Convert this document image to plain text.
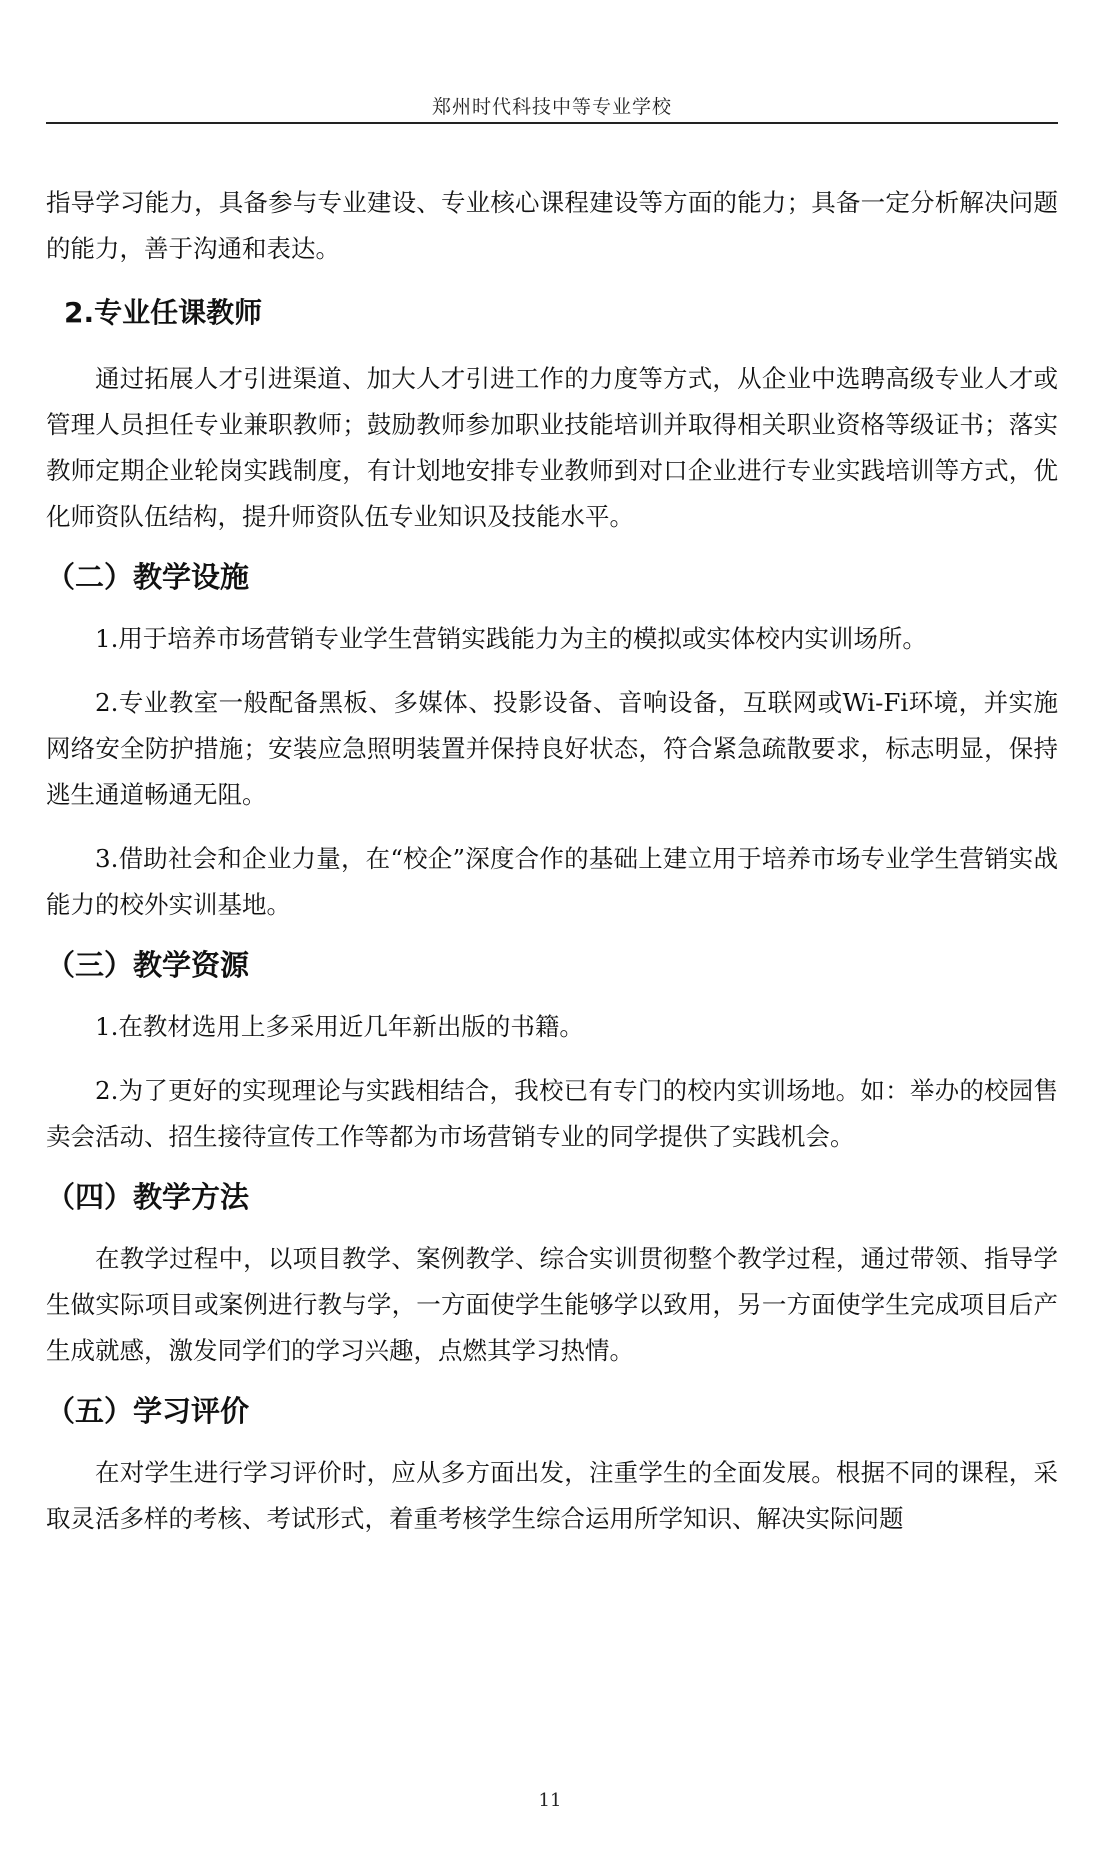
郑州时代科技中等专业学校

指导学习能力，具备参与专业建设、专业核心课程建设等方面的能力；具备一定分析解决问题的能力，善于沟通和表达。

2.专业任课教师

通过拓展人才引进渠道、加大人才引进工作的力度等方式，从企业中选聘高级专业人才或管理人员担任专业兼职教师；鼓励教师参加职业技能培训并取得相关职业资格等级证书；落实教师定期企业轮岗实践制度，有计划地安排专业教师到对口企业进行专业实践培训等方式，优化师资队伍结构，提升师资队伍专业知识及技能水平。

（二）教学设施

1.用于培养市场营销专业学生营销实践能力为主的模拟或实体校内实训场所。

2.专业教室一般配备黑板、多媒体、投影设备、音响设备，互联网或Wi-Fi环境，并实施网络安全防护措施；安装应急照明装置并保持良好状态，符合紧急疏散要求，标志明显，保持逃生通道畅通无阻。

3.借助社会和企业力量，在“校企”深度合作的基础上建立用于培养市场专业学生营销实战能力的校外实训基地。

（三）教学资源

1.在教材选用上多采用近几年新出版的书籍。

2.为了更好的实现理论与实践相结合，我校已有专门的校内实训场地。如：举办的校园售卖会活动、招生接待宣传工作等都为市场营销专业的同学提供了实践机会。

（四）教学方法

在教学过程中，以项目教学、案例教学、综合实训贯彻整个教学过程，通过带领、指导学生做实际项目或案例进行教与学，一方面使学生能够学以致用，另一方面使学生完成项目后产生成就感，激发同学们的学习兴趣，点燃其学习热情。

（五）学习评价

在对学生进行学习评价时，应从多方面出发，注重学生的全面发展。根据不同的课程，采取灵活多样的考核、考试形式，着重考核学生综合运用所学知识、解决实际问题

11
